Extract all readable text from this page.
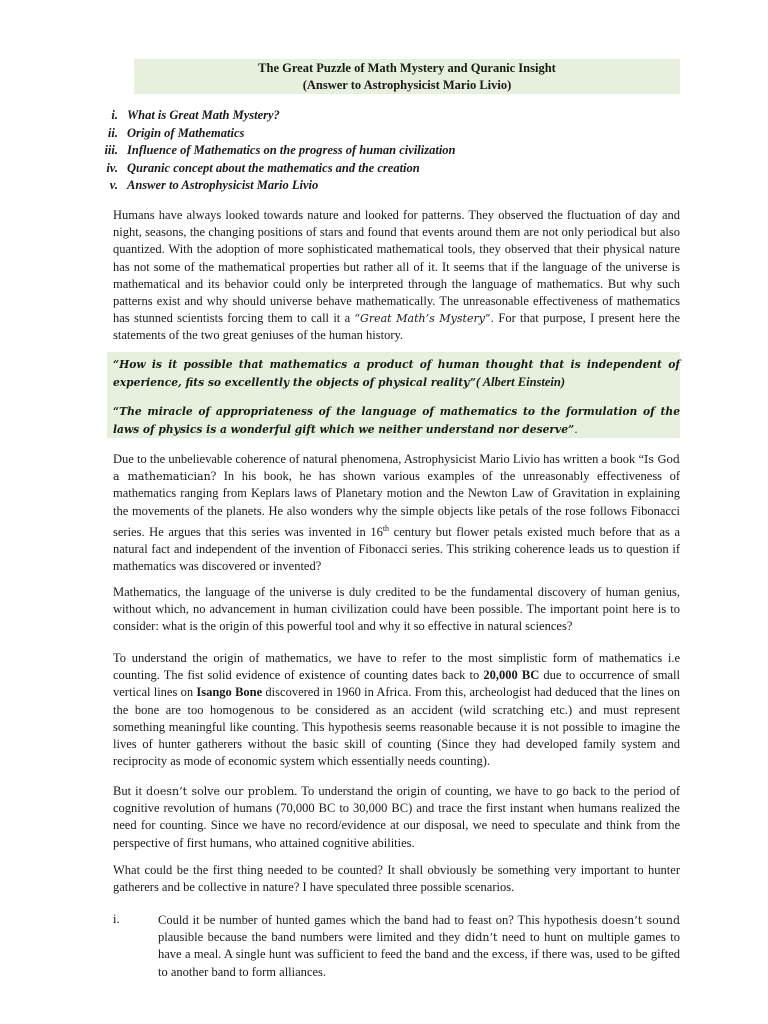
The Great Puzzle of Math Mystery and Quranic Insight
(Answer to Astrophysicist Mario Livio)
i. What is Great Math Mystery?
ii. Origin of Mathematics
iii. Influence of Mathematics on the progress of human civilization
iv. Quranic concept about the mathematics and the creation
v. Answer to Astrophysicist Mario Livio

Humans have always looked towards nature and looked for patterns. They observed the fluctuation of day and night, seasons, the changing positions of stars and found that events around them are not only periodical but also quantized. With the adoption of more sophisticated mathematical tools, they observed that their physical nature has not some of the mathematical properties but rather all of it. It seems that if the language of the universe is mathematical and its behavior could only be interpreted through the language of mathematics. But why such patterns exist and why should universe behave mathematically. The unreasonable effectiveness of mathematics has stunned scientists forcing them to call it a “Great Math’s Mystery”. For that purpose, I present here the statements of the two great geniuses of the human history.

“How is it possible that mathematics a product of human thought that is independent of experience, fits so excellently the objects of physical reality”( Albert Einstein)

“The miracle of appropriateness of the language of mathematics to the formulation of the laws of physics is a wonderful gift which we neither understand nor deserve”.

Due to the unbelievable coherence of natural phenomena, Astrophysicist Mario Livio has written a book “Is God a mathematician? In his book, he has shown various examples of the unreasonably effectiveness of mathematics ranging from Keplars laws of Planetary motion and the Newton Law of Gravitation in explaining the movements of the planets. He also wonders why the simple objects like petals of the rose follows Fibonacci series. He argues that this series was invented in 16th century but flower petals existed much before that as a natural fact and independent of the invention of Fibonacci series. This striking coherence leads us to question if mathematics was discovered or invented?

Mathematics, the language of the universe is duly credited to be the fundamental discovery of human genius, without which, no advancement in human civilization could have been possible. The important point here is to consider: what is the origin of this powerful tool and why it so effective in natural sciences?

To understand the origin of mathematics, we have to refer to the most simplistic form of mathematics i.e counting. The fist solid evidence of existence of counting dates back to 20,000 BC due to occurrence of small vertical lines on Isango Bone discovered in 1960 in Africa. From this, archeologist had deduced that the lines on the bone are too homogenous to be considered as an accident (wild scratching etc.) and must represent something meaningful like counting. This hypothesis seems reasonable because it is not possible to imagine the lives of hunter gatherers without the basic skill of counting (Since they had developed family system and reciprocity as mode of economic system which essentially needs counting).

But it doesn’t solve our problem. To understand the origin of counting, we have to go back to the period of cognitive revolution of humans (70,000 BC to 30,000 BC) and trace the first instant when humans realized the need for counting. Since we have no record/evidence at our disposal, we need to speculate and think from the perspective of first humans, who attained cognitive abilities.

What could be the first thing needed to be counted? It shall obviously be something very important to hunter gatherers and be collective in nature? I have speculated three possible scenarios.

i.	Could it be number of hunted games which the band had to feast on? This hypothesis doesn’t sound plausible because the band numbers were limited and they didn’t need to hunt on multiple games to have a meal. A single hunt was sufficient to feed the band and the excess, if there was, used to be gifted to another band to form alliances.
